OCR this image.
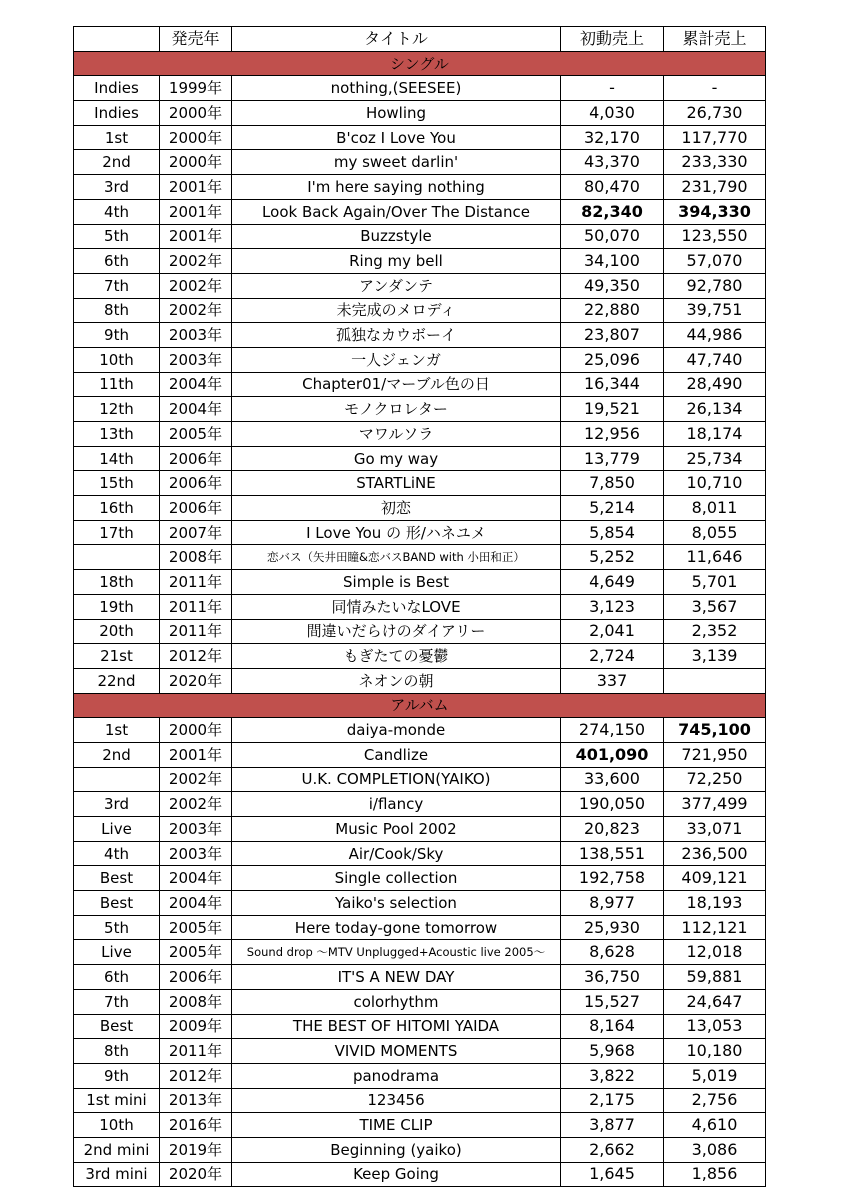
	発売年	タイトル	初動売上	累計売上
シングル				
Indies	1999年	nothing,(SEESEE)	-	-
Indies	2000年	Howling	4,030	26,730
1st	2000年	B'coz I Love You	32,170	117,770
2nd	2000年	my sweet darlin'	43,370	233,330
3rd	2001年	I'm here saying nothing	80,470	231,790
4th	2001年	Look Back Again/Over The Distance	82,340	394,330
5th	2001年	Buzzstyle	50,070	123,550
6th	2002年	Ring my bell	34,100	57,070
7th	2002年	アンダンテ	49,350	92,780
8th	2002年	未完成のメロディ	22,880	39,751
9th	2003年	孤独なカウボーイ	23,807	44,986
10th	2003年	一人ジェンガ	25,096	47,740
11th	2004年	Chapter01/マーブル色の日	16,344	28,490
12th	2004年	モノクロレター	19,521	26,134
13th	2005年	マワルソラ	12,956	18,174
14th	2006年	Go my way	13,779	25,734
15th	2006年	STARTLiNE	7,850	10,710
16th	2006年	初恋	5,214	8,011
17th	2007年	I Love You の 形/ハネユメ	5,854	8,055
	2008年	恋バス（矢井田瞳&恋バスBAND with 小田和正）	5,252	11,646
18th	2011年	Simple is Best	4,649	5,701
19th	2011年	同情みたいなLOVE	3,123	3,567
20th	2011年	間違いだらけのダイアリー	2,041	2,352
21st	2012年	もぎたての憂鬱	2,724	3,139
22nd	2020年	ネオンの朝	337	
アルバム				
1st	2000年	daiya-monde	274,150	745,100
2nd	2001年	Candlize	401,090	721,950
	2002年	U.K. COMPLETION(YAIKO)	33,600	72,250
3rd	2002年	i/flancy	190,050	377,499
Live	2003年	Music Pool 2002	20,823	33,071
4th	2003年	Air/Cook/Sky	138,551	236,500
Best	2004年	Single collection	192,758	409,121
Best	2004年	Yaiko's selection	8,977	18,193
5th	2005年	Here today-gone tomorrow	25,930	112,121
Live	2005年	Sound drop ～MTV Unplugged+Acoustic live 2005～	8,628	12,018
6th	2006年	IT'S A NEW DAY	36,750	59,881
7th	2008年	colorhythm	15,527	24,647
Best	2009年	THE BEST OF HITOMI YAIDA	8,164	13,053
8th	2011年	VIVID MOMENTS	5,968	10,180
9th	2012年	panodrama	3,822	5,019
1st mini	2013年	123456	2,175	2,756
10th	2016年	TIME CLIP	3,877	4,610
2nd mini	2019年	Beginning (yaiko)	2,662	3,086
3rd mini	2020年	Keep Going	1,645	1,856
